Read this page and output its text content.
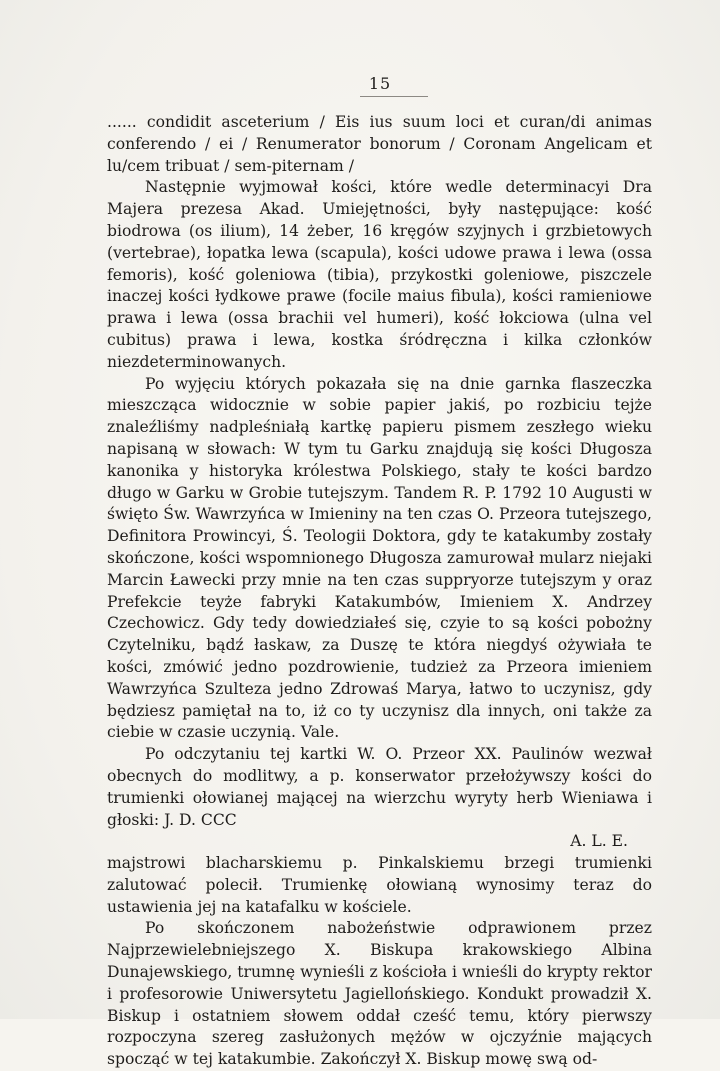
15

...... condidit asceterium / Eis ius suum loci et curan/di animas conferendo / ei / Renumerator bonorum / Coronam Angelicam et lu/cem tribuat / sem-piternam /

Następnie wyjmował kości, które wedle determinacyi Dra Majera prezesa Akad. Umiejętności, były następujące: kość biodrowa (os ilium), 14 żeber, 16 kręgów szyjnych i grzbietowych (vertebrae), łopatka lewa (scapula), kości udowe prawa i lewa (ossa femoris), kość goleniowa (tibia), przykostki goleniowe, piszczele inaczej kości łydkowe prawe (focile maius fibula), kości ramieniowe prawa i lewa (ossa brachii vel humeri), kość łokciowa (ulna vel cubitus) prawa i lewa, kostka śródręczna i kilka członków niezdeterminowanych.

Po wyjęciu których pokazała się na dnie garnka flaszeczka mieszcząca widocznie w sobie papier jakiś, po rozbiciu tejże znaleźliśmy nadpleśniałą kartkę papieru pismem zeszłego wieku napisaną w słowach: W tym tu Garku znajdują się kości Długosza kanonika y historyka królestwa Polskiego, stały te kości bardzo długo w Garku w Grobie tutejszym. Tandem R. P. 1792 10 Augusti w święto Św. Wawrzyńca w Imieniny na ten czas O. Przeora tutejszego, Definitora Prowincyi, Ś. Teologii Doktora, gdy te katakumby zostały skończone, kości wspomnionego Długosza zamurował mularz niejaki Marcin Ławecki przy mnie na ten czas suppryorze tutejszym y oraz Prefekcie teyże fabryki Katakumbów, Imieniem X. Andrzey Czechowicz. Gdy tedy dowiedziałeś się, czyie to są kości pobożny Czytelniku, bądź łaskaw, za Duszę te która niegdyś ożywiała te kości, zmówić jedno pozdrowienie, tudzież za Przeora imieniem Wawrzyńca Szulteza jedno Zdrowaś Marya, łatwo to uczynisz, gdy będziesz pamiętał na to, iż co ty uczynisz dla innych, oni także za ciebie w czasie uczynią. Vale.

Po odczytaniu tej kartki W. O. Przeor XX. Paulinów wezwał obecnych do modlitwy, a p. konserwator przełożywszy kości do trumienki ołowianej mającej na wierzchu wyryty herb Wieniawa i głoski: J. D. CCC

A. L. E.

majstrowi blacharskiemu p. Pinkalskiemu brzegi trumienki zalutować polecił. Trumienkę ołowianą wynosimy teraz do ustawienia jej na katafalku w kościele.

Po skończonem nabożeństwie odprawionem przez Najprzewielebniejszego X. Biskupa krakowskiego Albina Dunajewskiego, trumnę wynieśli z kościoła i wnieśli do krypty rektor i profesorowie Uniwersytetu Jagiellońskiego. Kondukt prowadził X. Biskup i ostatniem słowem oddał cześć temu, który pierwszy rozpoczyna szereg zasłużonych mężów w ojczyźnie mających spocząć w tej katakumbie. Zakończył X. Biskup mowę swą od-
